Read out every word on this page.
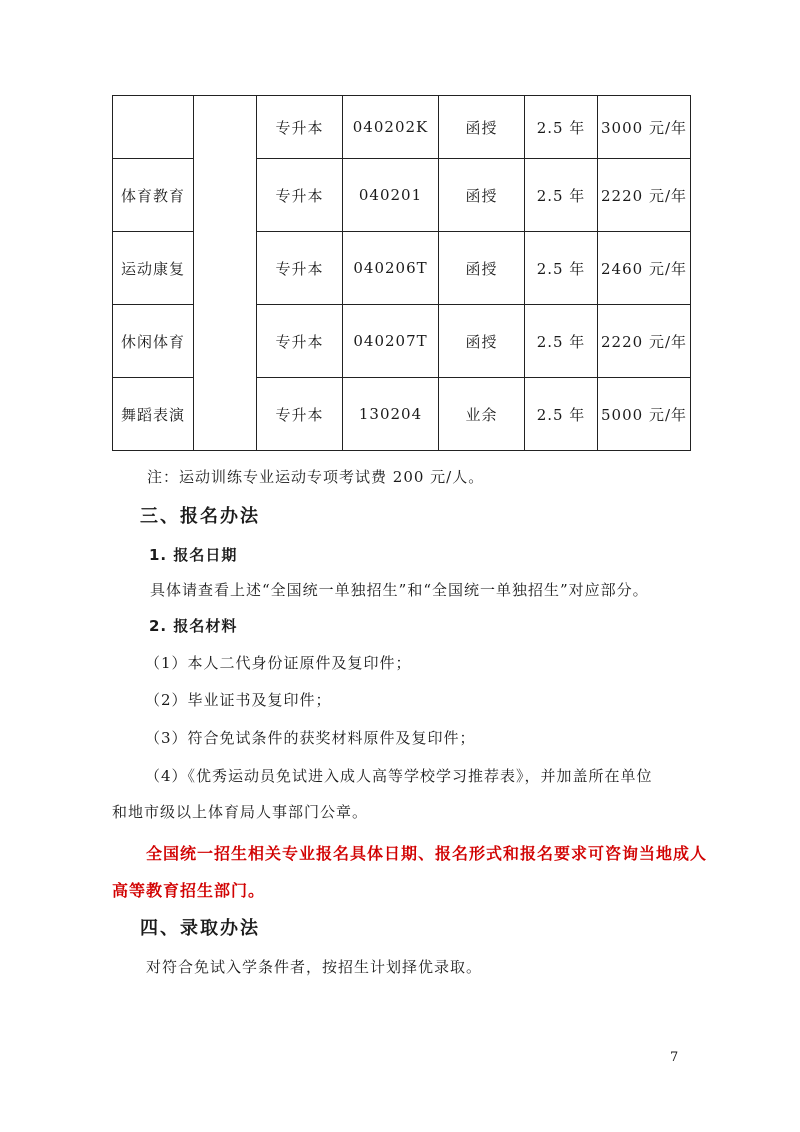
		专升本	040202K	函授	2.5 年	3000 元/年
体育教育		专升本	040201	函授	2.5 年	2220 元/年
运动康复		专升本	040206T	函授	2.5 年	2460 元/年
休闲体育		专升本	040207T	函授	2.5 年	2220 元/年
舞蹈表演		专升本	130204	业余	2.5 年	5000 元/年

注：运动训练专业运动专项考试费 200 元/人。

三、报名办法

1. 报名日期

具体请查看上述“全国统一单独招生”和“全国统一单独招生”对应部分。

2. 报名材料

（1）本人二代身份证原件及复印件；

（2）毕业证书及复印件；

（3）符合免试条件的获奖材料原件及复印件；

（4）《优秀运动员免试进入成人高等学校学习推荐表》，并加盖所在单位

和地市级以上体育局人事部门公章。

全国统一招生相关专业报名具体日期、报名形式和报名要求可咨询当地成人

高等教育招生部门。

四、录取办法

对符合免试入学条件者，按招生计划择优录取。

7
